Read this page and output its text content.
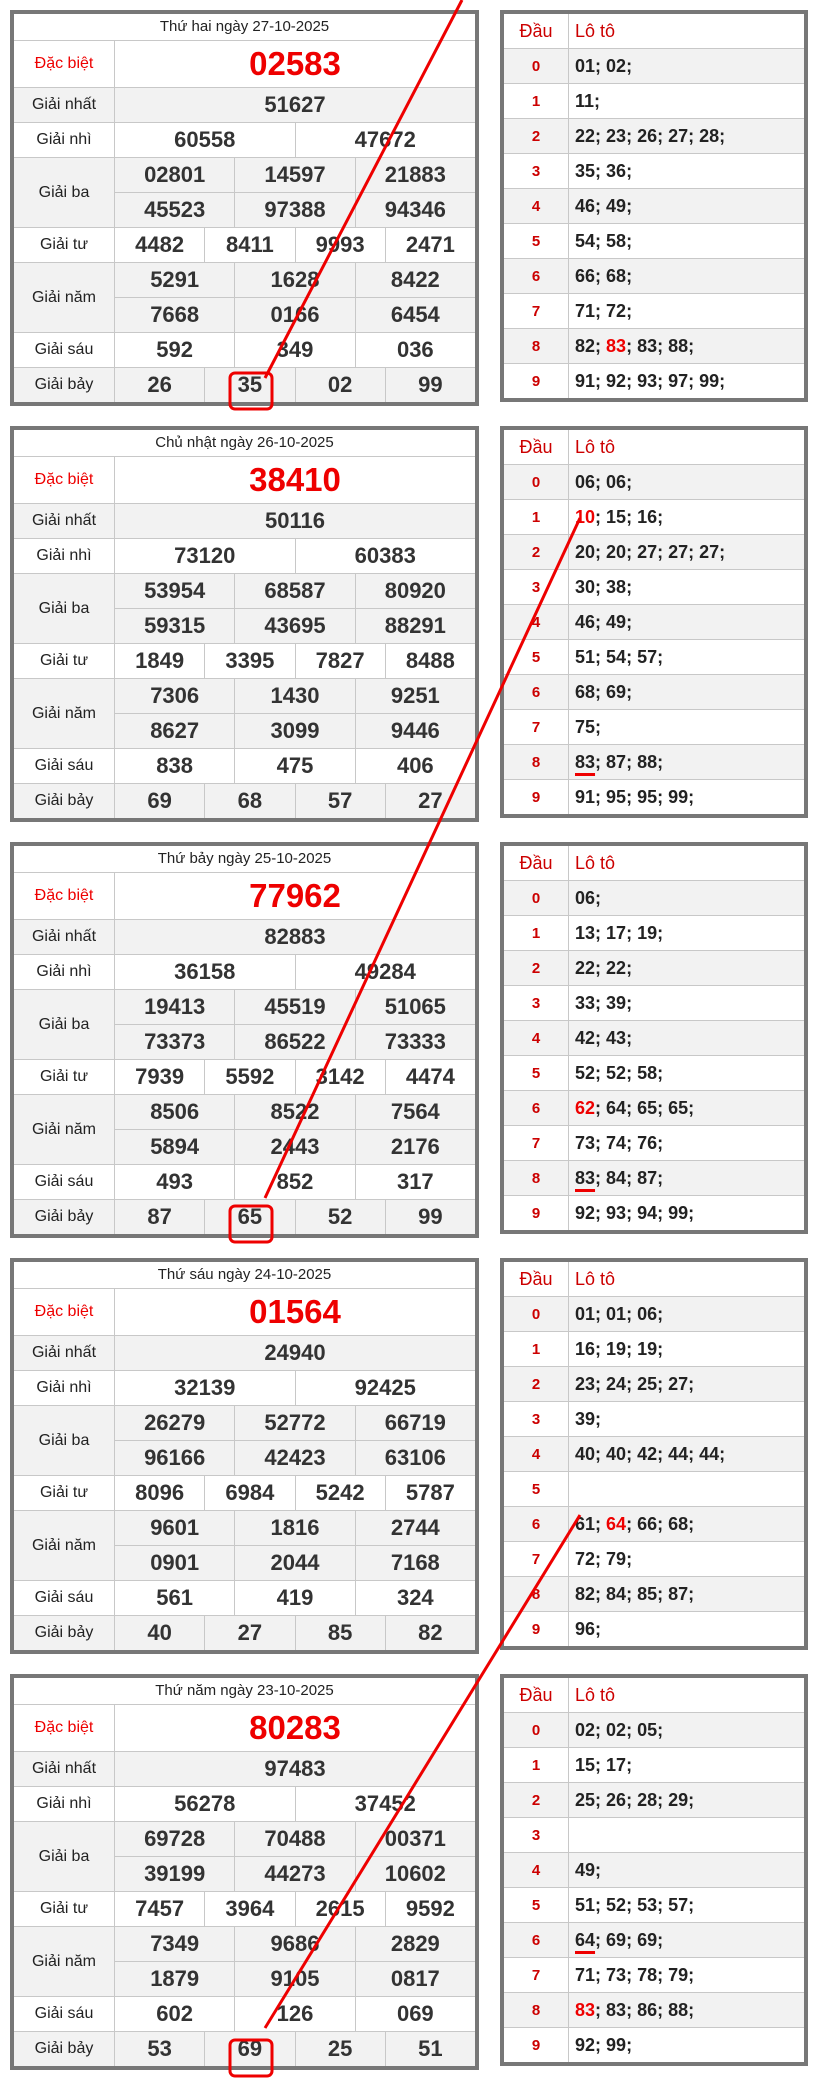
Thứ hai ngày 27-10-2025
Đặc biệt	02583
Giải nhất	51627
Giải nhì	60558	47672
Giải ba
02801	14597	21883
45523	97388	94346
Giải tư	4482	8411	9993	2471
Giải năm
5291	1628	8422
7668	0166	6454
Giải sáu	592	349	036
Giải bảy	26	35	02	99
Đầu	Lô tô
0	01 ; 02 ;
1	11 ;
2	22 ; 23 ; 26 ; 27 ; 28 ;
3	35 ; 36 ;
4	46 ; 49 ;
5	54 ; 58 ;
6	66 ; 68 ;
7	71 ; 72 ;
8	82 ; 83 ; 83 ; 88 ;
9	91 ; 92 ; 93 ; 97 ; 99 ;
Chủ nhật ngày 26-10-2025
Đặc biệt	38410
Giải nhất	50116
Giải nhì	73120	60383
Giải ba
53954	68587	80920
59315	43695	88291
Giải tư	1849	3395	7827	8488
Giải năm
7306	1430	9251
8627	3099	9446
Giải sáu	838	475	406
Giải bảy	69	68	57	27
Đầu	Lô tô
0	06 ; 06 ;
1	10 ; 15 ; 16 ;
2	20 ; 20 ; 27 ; 27 ; 27 ;
3	30 ; 38 ;
4	46 ; 49 ;
5	51 ; 54 ; 57 ;
6	68 ; 69 ;
7	75 ;
8	83 ; 87 ; 88 ;
9	91 ; 95 ; 95 ; 99 ;
Thứ bảy ngày 25-10-2025
Đặc biệt	77962
Giải nhất	82883
Giải nhì	36158	49284
Giải ba
19413	45519	51065
73373	86522	73333
Giải tư	7939	5592	3142	4474
Giải năm
8506	8522	7564
5894	2443	2176
Giải sáu	493	852	317
Giải bảy	87	65	52	99
Đầu	Lô tô
0	06 ;
1	13 ; 17 ; 19 ;
2	22 ; 22 ;
3	33 ; 39 ;
4	42 ; 43 ;
5	52 ; 52 ; 58 ;
6	62 ; 64 ; 65 ; 65 ;
7	73 ; 74 ; 76 ;
8	83 ; 84 ; 87 ;
9	92 ; 93 ; 94 ; 99 ;
Thứ sáu ngày 24-10-2025
Đặc biệt	01564
Giải nhất	24940
Giải nhì	32139	92425
Giải ba
26279	52772	66719
96166	42423	63106
Giải tư	8096	6984	5242	5787
Giải năm
9601	1816	2744
0901	2044	7168
Giải sáu	561	419	324
Giải bảy	40	27	85	82
Đầu	Lô tô
0	01 ; 01 ; 06 ;
1	16 ; 19 ; 19 ;
2	23 ; 24 ; 25 ; 27 ;
3	39 ;
4	40 ; 40 ; 42 ; 44 ; 44 ;
5
6	61 ; 64 ; 66 ; 68 ;
7	72 ; 79 ;
8	82 ; 84 ; 85 ; 87 ;
9	96 ;
Thứ năm ngày 23-10-2025
Đặc biệt	80283
Giải nhất	97483
Giải nhì	56278	37452
Giải ba
69728	70488	00371
39199	44273	10602
Giải tư	7457	3964	2615	9592
Giải năm
7349	9686	2829
1879	9105	0817
Giải sáu	602	126	069
Giải bảy	53	69	25	51
Đầu	Lô tô
0	02 ; 02 ; 05 ;
1	15 ; 17 ;
2	25 ; 26 ; 28 ; 29 ;
3
4	49 ;
5	51 ; 52 ; 53 ; 57 ;
6	64 ; 69 ; 69 ;
7	71 ; 73 ; 78 ; 79 ;
8	83 ; 83 ; 86 ; 88 ;
9	92 ; 99 ;
